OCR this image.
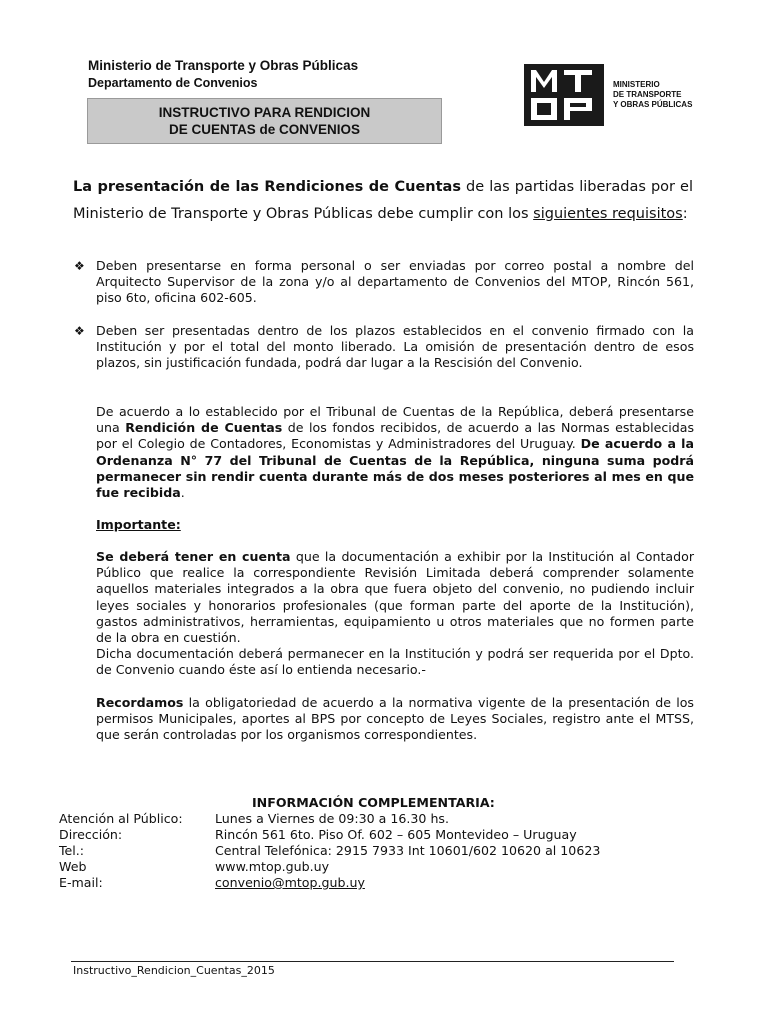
Ministerio de Transporte y Obras Públicas
Departamento de Convenios
INSTRUCTIVO PARA RENDICION
DE CUENTAS de CONVENIOS
MINISTERIO
DE TRANSPORTE
Y OBRAS PÚBLICAS
La presentación de las Rendiciones de Cuentas de las partidas liberadas por el Ministerio de Transporte y Obras Públicas debe cumplir con los siguientes requisitos:
❖ Deben presentarse en forma personal o ser enviadas por correo postal a nombre del Arquitecto Supervisor de la zona y/o al departamento de Convenios del MTOP, Rincón 561, piso 6to, oficina 602-605.
❖ Deben ser presentadas dentro de los plazos establecidos en el convenio firmado con la Institución y por el total del monto liberado. La omisión de presentación dentro de esos plazos, sin justificación fundada, podrá dar lugar a la Rescisión del Convenio.
De acuerdo a lo establecido por el Tribunal de Cuentas de la República, deberá presentarse una Rendición de Cuentas de los fondos recibidos, de acuerdo a las Normas establecidas por el Colegio de Contadores, Economistas y Administradores del Uruguay. De acuerdo a la Ordenanza N° 77 del Tribunal de Cuentas de la República, ninguna suma podrá permanecer sin rendir cuenta durante más de dos meses posteriores al mes en que fue recibida.
Importante:
Se deberá tener en cuenta que la documentación a exhibir por la Institución al Contador Público que realice la correspondiente Revisión Limitada deberá comprender solamente aquellos materiales integrados a la obra que fuera objeto del convenio, no pudiendo incluir leyes sociales y honorarios profesionales (que forman parte del aporte de la Institución), gastos administrativos, herramientas, equipamiento u otros materiales que no formen parte de la obra en cuestión.
Dicha documentación deberá permanecer en la Institución y podrá ser requerida por el Dpto. de Convenio cuando éste así lo entienda necesario.-
Recordamos la obligatoriedad de acuerdo a la normativa vigente de la presentación de los permisos Municipales, aportes al BPS por concepto de Leyes Sociales, registro ante el MTSS, que serán controladas por los organismos correspondientes.
INFORMACIÓN COMPLEMENTARIA:
Atención al Público:	Lunes a Viernes de 09:30 a 16.30 hs.
Dirección:	Rincón 561 6to. Piso Of. 602 – 605 Montevideo – Uruguay
Tel.:	Central Telefónica: 2915 7933 Int 10601/602 10620 al 10623
Web	www.mtop.gub.uy
E-mail:	convenio@mtop.gub.uy
Instructivo_Rendicion_Cuentas_2015
